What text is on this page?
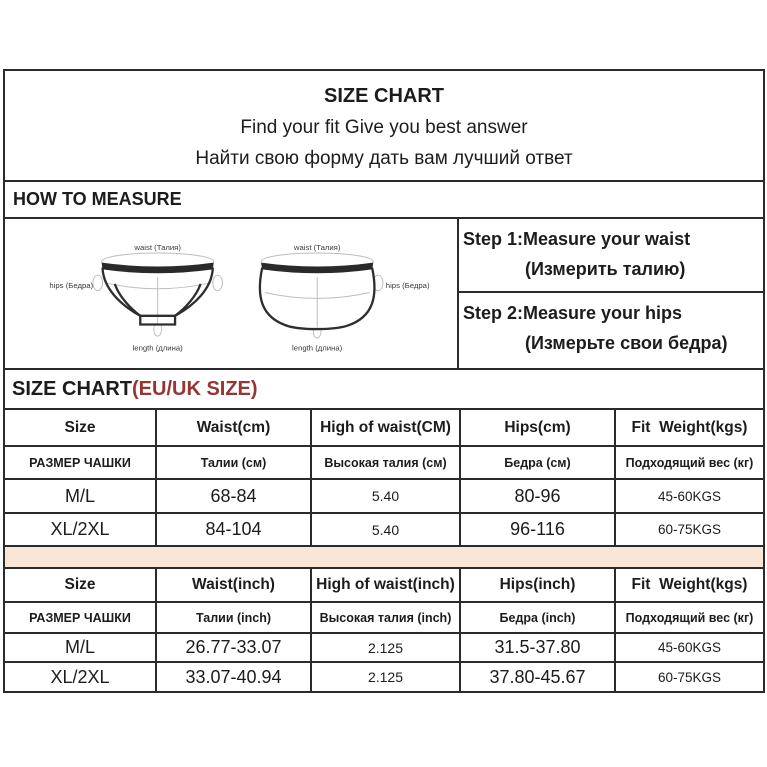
SIZE CHART
Find your fit Give you best answer
Найти свою форму дать вам лучший ответ
HOW TO MEASURE
waist (Талия)	waist (Талия)
hips (Бедра)	hips (Бедра)
length (длина)	length (длина)
Step 1:Measure your waist
(Измерить талию)
Step 2:Measure your hips
(Измерьте свои бедра)
SIZE CHART (EU/UK SIZE)
Size	Waist(cm)	High of waist(CM)	Hips(cm)	Fit  Weight(kgs)
РАЗМЕР ЧАШКИ	Талии (см)	Высокая талия (см)	Бедра (см)	Подходящий вес (кг)
M/L	68-84	5.40	80-96	45-60KGS
XL/2XL	84-104	5.40	96-116	60-75KGS
Size	Waist(inch)	High of waist(inch)	Hips(inch)	Fit  Weight(kgs)
РАЗМЕР ЧАШКИ	Талии (inch)	Высокая талия (inch)	Бедра (inch)	Подходящий вес (кг)
M/L	26.77-33.07	2.125	31.5-37.80	45-60KGS
XL/2XL	33.07-40.94	2.125	37.80-45.67	60-75KGS
